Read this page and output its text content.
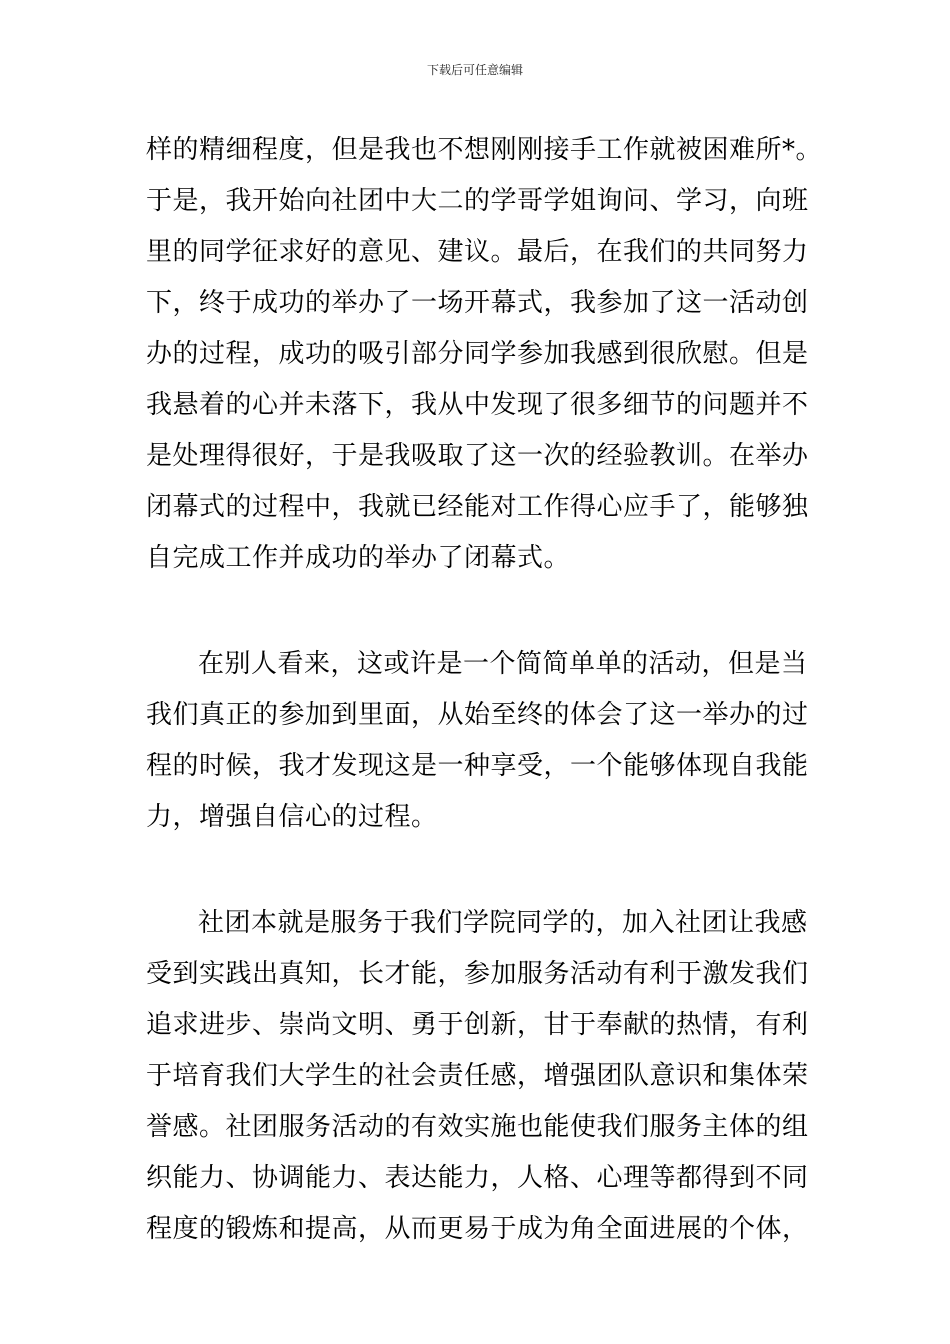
下载后可任意编辑
样的精细程度，但是我也不想刚刚接手工作就被困难所*。
于是，我开始向社团中大二的学哥学姐询问、学习，向班
里的同学征求好的意见、建议。最后，在我们的共同努力
下，终于成功的举办了一场开幕式，我参加了这一活动创
办的过程，成功的吸引部分同学参加我感到很欣慰。但是
我悬着的心并未落下，我从中发现了很多细节的问题并不
是处理得很好，于是我吸取了这一次的经验教训。在举办
闭幕式的过程中，我就已经能对工作得心应手了，能够独
自完成工作并成功的举办了闭幕式。
在别人看来，这或许是一个简简单单的活动，但是当
我们真正的参加到里面，从始至终的体会了这一举办的过
程的时候，我才发现这是一种享受，一个能够体现自我能
力，增强自信心的过程。
社团本就是服务于我们学院同学的，加入社团让我感
受到实践出真知，长才能，参加服务活动有利于激发我们
追求进步、崇尚文明、勇于创新，甘于奉献的热情，有利
于培育我们大学生的社会责任感，增强团队意识和集体荣
誉感。社团服务活动的有效实施也能使我们服务主体的组
织能力、协调能力、表达能力，人格、心理等都得到不同
程度的锻炼和提高，从而更易于成为角全面进展的个体，
